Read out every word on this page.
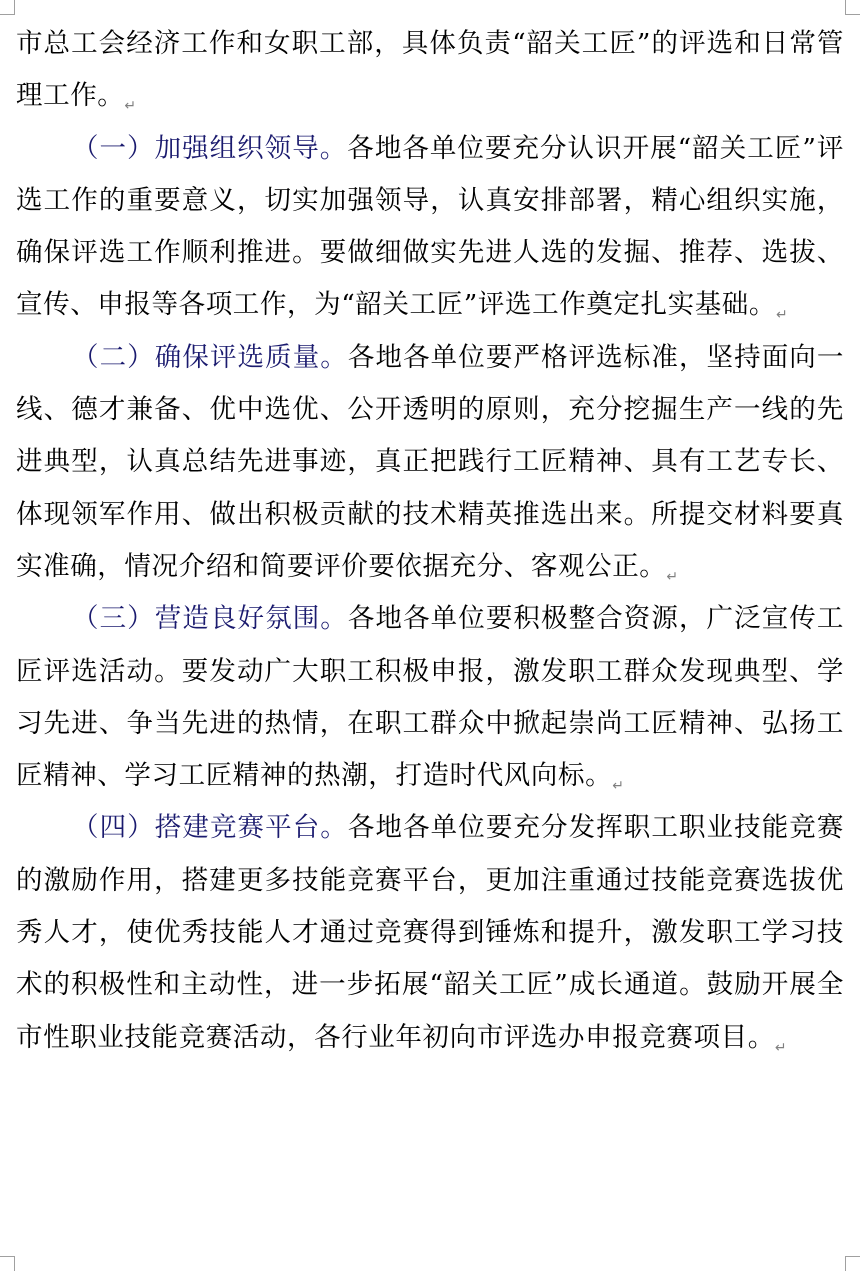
市总工会经济工作和女职工部，具体负责“韶关工匠”的评选和日常管理工作。↵

（一）加强组织领导。各地各单位要充分认识开展“韶关工匠”评选工作的重要意义，切实加强领导，认真安排部署，精心组织实施，确保评选工作顺利推进。要做细做实先进人选的发掘、推荐、选拔、宣传、申报等各项工作，为“韶关工匠”评选工作奠定扎实基础。↵

（二）确保评选质量。各地各单位要严格评选标准，坚持面向一线、德才兼备、优中选优、公开透明的原则，充分挖掘生产一线的先进典型，认真总结先进事迹，真正把践行工匠精神、具有工艺专长、体现领军作用、做出积极贡献的技术精英推选出来。所提交材料要真实准确，情况介绍和简要评价要依据充分、客观公正。↵

（三）营造良好氛围。各地各单位要积极整合资源，广泛宣传工匠评选活动。要发动广大职工积极申报，激发职工群众发现典型、学习先进、争当先进的热情，在职工群众中掀起崇尚工匠精神、弘扬工匠精神、学习工匠精神的热潮，打造时代风向标。↵

（四）搭建竞赛平台。各地各单位要充分发挥职工职业技能竞赛的激励作用，搭建更多技能竞赛平台，更加注重通过技能竞赛选拔优秀人才，使优秀技能人才通过竞赛得到锤炼和提升，激发职工学习技术的积极性和主动性，进一步拓展“韶关工匠”成长通道。鼓励开展全市性职业技能竞赛活动，各行业年初向市评选办申报竞赛项目。↵
